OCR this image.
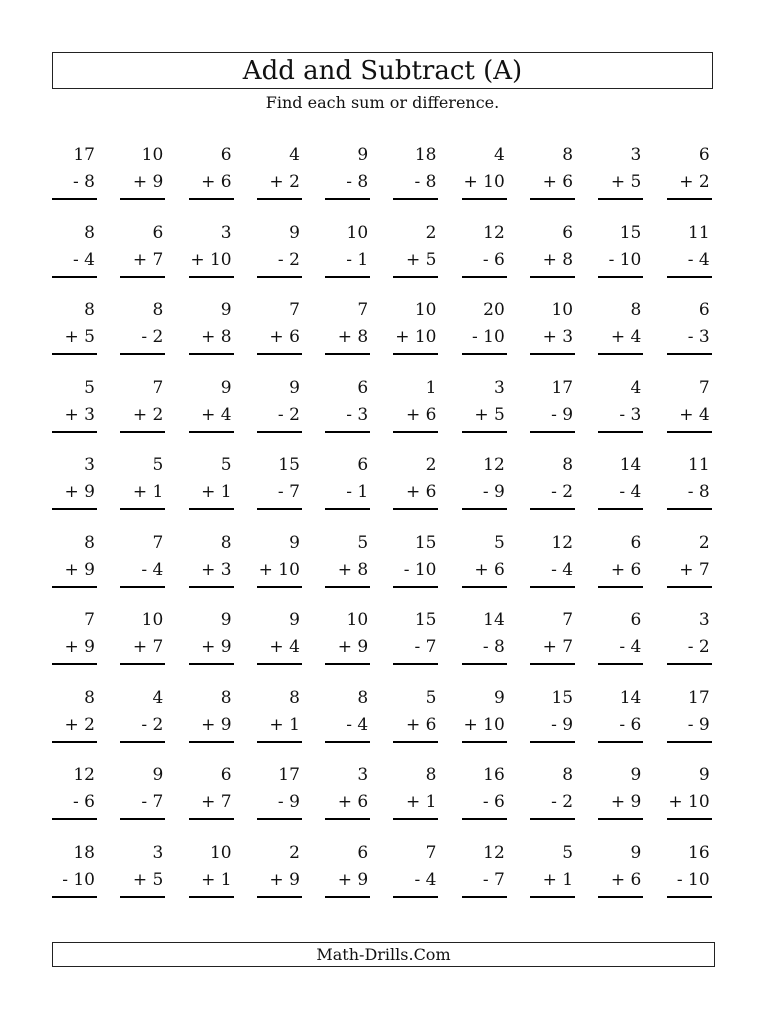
Add and Subtract (A)
Find each sum or difference.
17
- 8
10
+ 9
6
+ 6
4
+ 2
9
- 8
18
- 8
4
+ 10
8
+ 6
3
+ 5
6
+ 2
8
- 4
6
+ 7
3
+ 10
9
- 2
10
- 1
2
+ 5
12
- 6
6
+ 8
15
- 10
11
- 4
8
+ 5
8
- 2
9
+ 8
7
+ 6
7
+ 8
10
+ 10
20
- 10
10
+ 3
8
+ 4
6
- 3
5
+ 3
7
+ 2
9
+ 4
9
- 2
6
- 3
1
+ 6
3
+ 5
17
- 9
4
- 3
7
+ 4
3
+ 9
5
+ 1
5
+ 1
15
- 7
6
- 1
2
+ 6
12
- 9
8
- 2
14
- 4
11
- 8
8
+ 9
7
- 4
8
+ 3
9
+ 10
5
+ 8
15
- 10
5
+ 6
12
- 4
6
+ 6
2
+ 7
7
+ 9
10
+ 7
9
+ 9
9
+ 4
10
+ 9
15
- 7
14
- 8
7
+ 7
6
- 4
3
- 2
8
+ 2
4
- 2
8
+ 9
8
+ 1
8
- 4
5
+ 6
9
+ 10
15
- 9
14
- 6
17
- 9
12
- 6
9
- 7
6
+ 7
17
- 9
3
+ 6
8
+ 1
16
- 6
8
- 2
9
+ 9
9
+ 10
18
- 10
3
+ 5
10
+ 1
2
+ 9
6
+ 9
7
- 4
12
- 7
5
+ 1
9
+ 6
16
- 10
Math-Drills.Com
